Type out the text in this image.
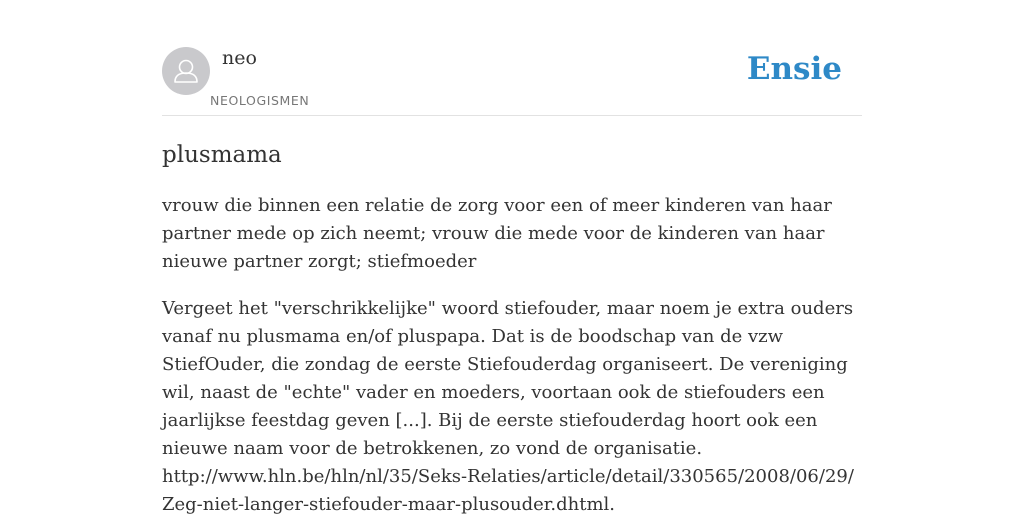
neo
NEOLOGISMEN
Ensie
plusmama

vrouw die binnen een relatie de zorg voor een of meer kinderen van haar partner mede op zich neemt; vrouw die mede voor de kinderen van haar nieuwe partner zorgt; stiefmoeder

Vergeet het "verschrikkelijke" woord stiefouder, maar noem je extra ouders vanaf nu plusmama en/of pluspapa. Dat is de boodschap van de vzw StiefOuder, die zondag de eerste Stiefouderdag organiseert. De vereniging wil, naast de "echte" vader en moeders, voortaan ook de stiefouders een jaarlijkse feestdag geven [...]. Bij de eerste stiefouderdag hoort ook een nieuwe naam voor de betrokkenen, zo vond de organisatie.
http://www.hln.be/hln/nl/35/Seks-Relaties/article/detail/330565/2008/06/29/Zeg-niet-langer-stiefouder-maar-plusouder.dhtml.
